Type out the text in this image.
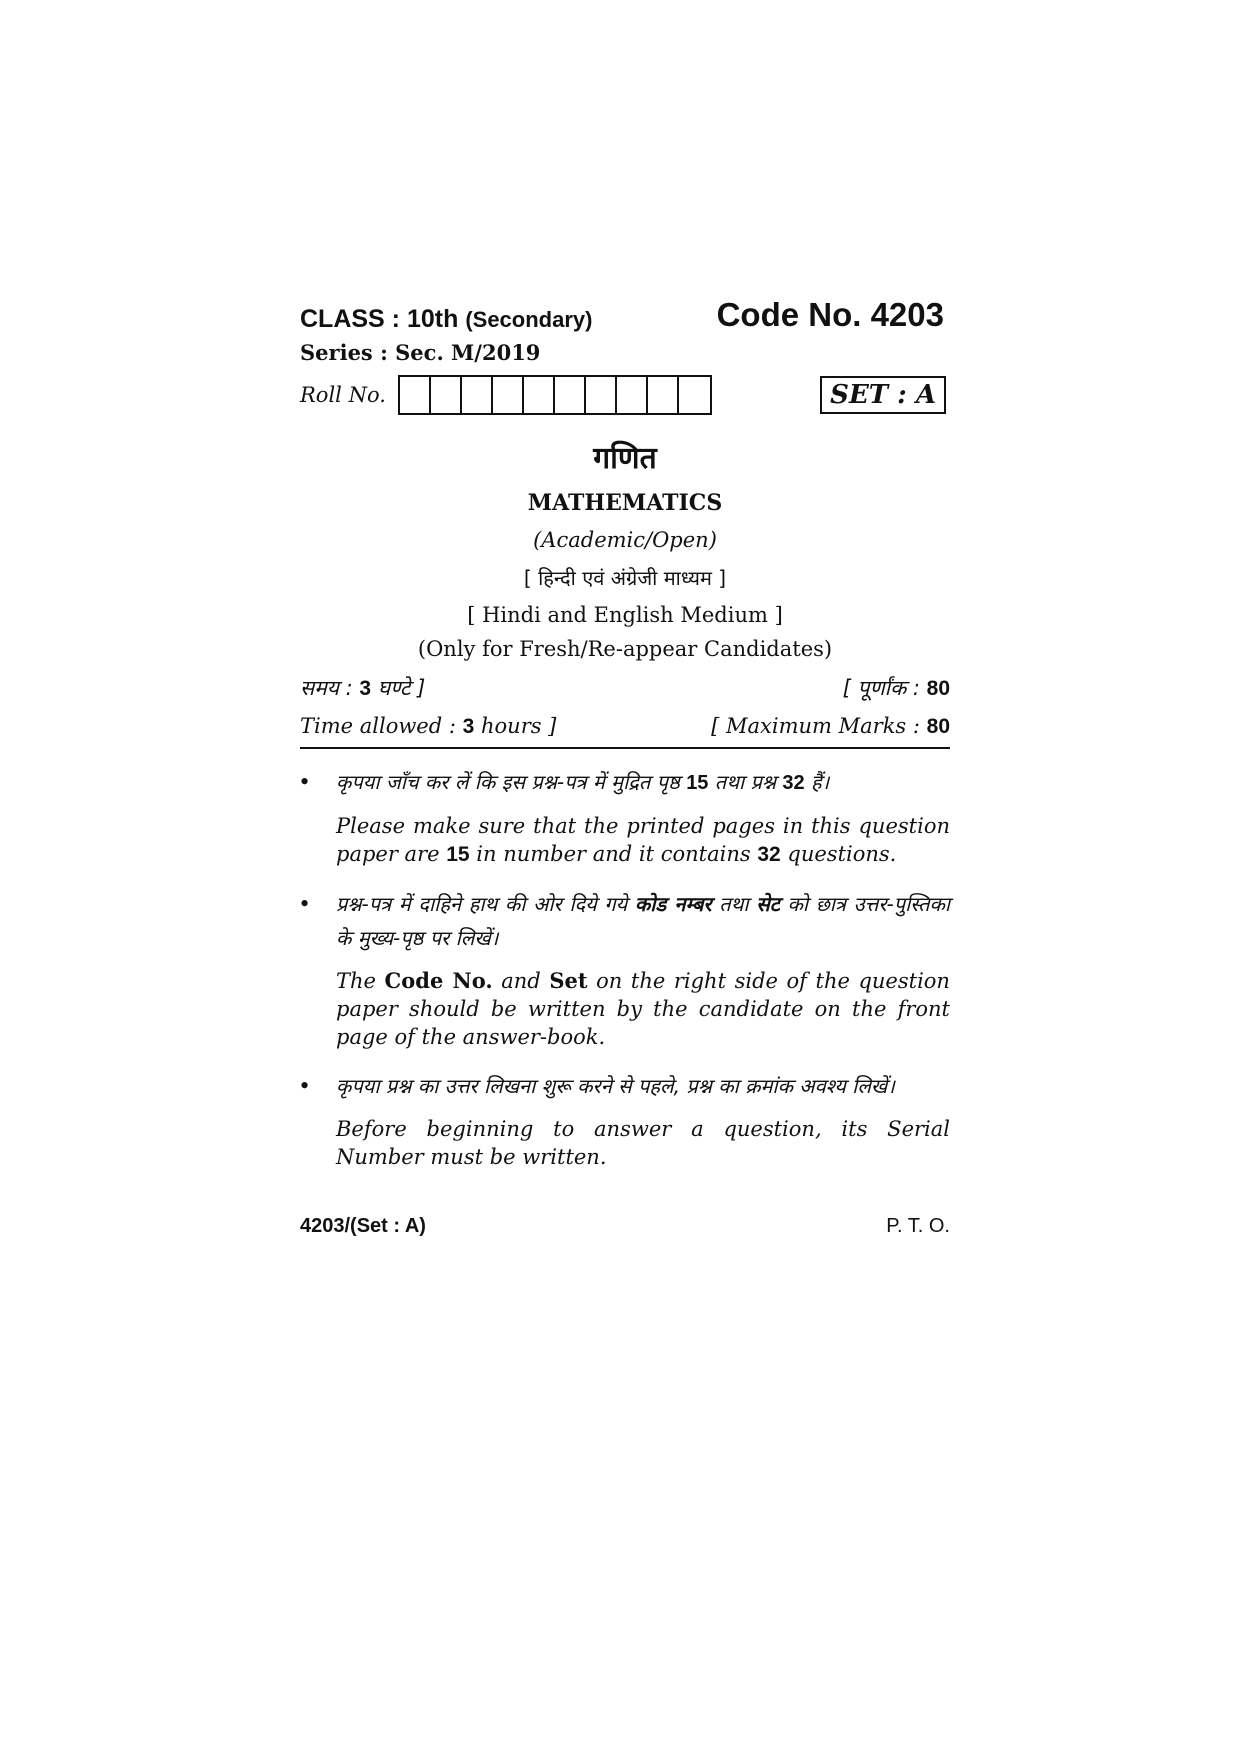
CLASS : 10th (Secondary)	Code No. 4203
Series : Sec. M/2019
Roll No.	SET : A
गणित
MATHEMATICS
(Academic/Open)
[ हिन्दी एवं अंग्रेजी माध्यम ]
[ Hindi and English Medium ]
(Only for Fresh/Re-appear Candidates)
समय : 3 घण्टे ]	[ पूर्णांक : 80
Time allowed : 3 hours ]	[ Maximum Marks : 80
•	कृपया जाँच कर लें कि इस प्रश्न-पत्र में मुद्रित पृष्ठ 15 तथा प्रश्न 32 हैं।
Please make sure that the printed pages in this question paper are 15 in number and it contains 32 questions.
•	प्रश्न-पत्र में दाहिने हाथ की ओर दिये गये कोड नम्बर तथा सेट को छात्र उत्तर-पुस्तिका के मुख्य-पृष्ठ पर लिखें।
The Code No. and Set on the right side of the question paper should be written by the candidate on the front page of the answer-book.
•	कृपया प्रश्न का उत्तर लिखना शुरू करने से पहले, प्रश्न का क्रमांक अवश्य लिखें।
Before beginning to answer a question, its Serial Number must be written.
4203/(Set : A)	P. T. O.
